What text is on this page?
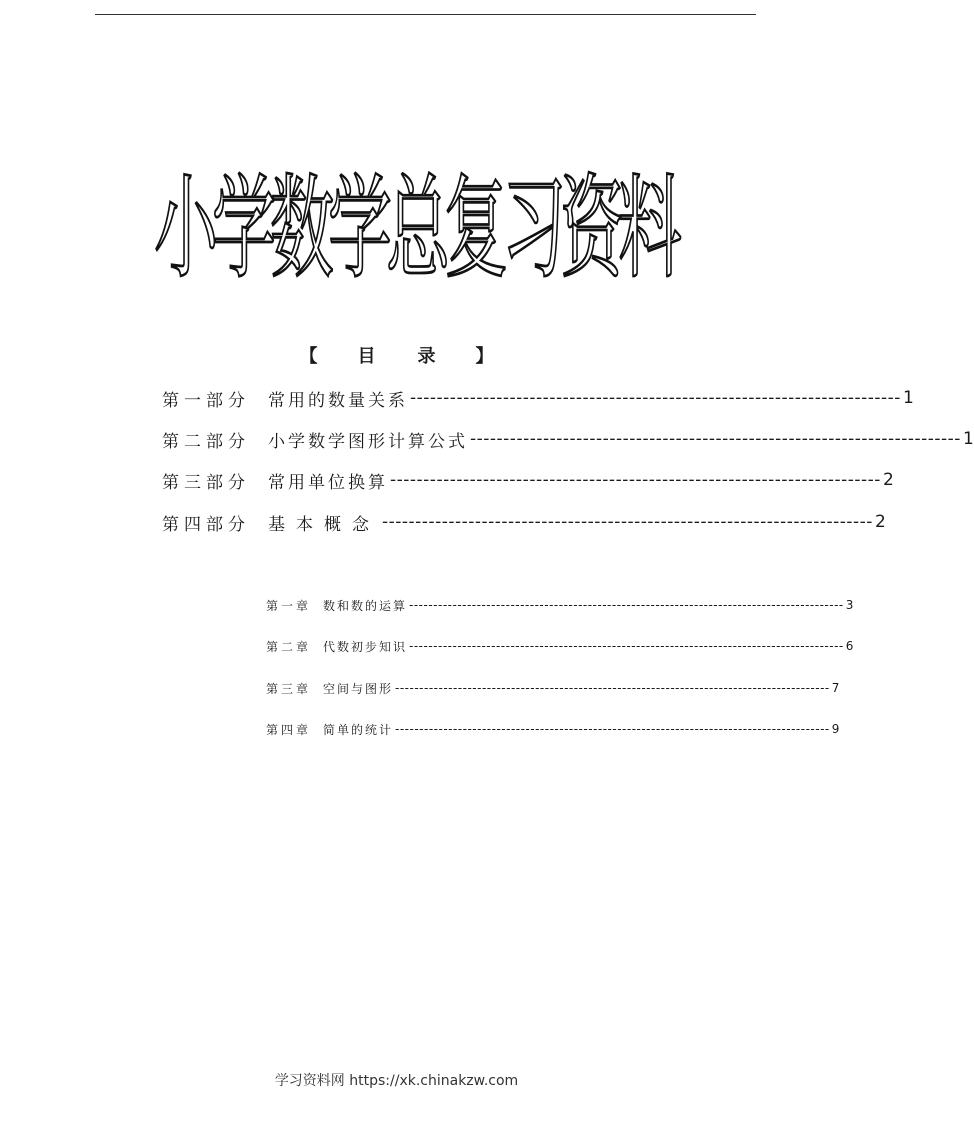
小学数学总复习资料
【 目 录 】
第一部分	常用的数量关系 -------------------------------------------------------------------------- 1
第二部分	小学数学图形计算公式 -------------------------------------------------------------------------- 1
第三部分	常用单位换算 -------------------------------------------------------------------------- 2
第四部分	基本概念 -------------------------------------------------------------------------- 2
第一章 数和数的运算 ------------------------------------------------------------------------------------------ 3
第二章 代数初步知识 ------------------------------------------------------------------------------------------ 6
第三章 空间与图形 ------------------------------------------------------------------------------------------ 7
第四章 简单的统计 ------------------------------------------------------------------------------------------ 9
学习资料网 https://xk.chinakzw.com
